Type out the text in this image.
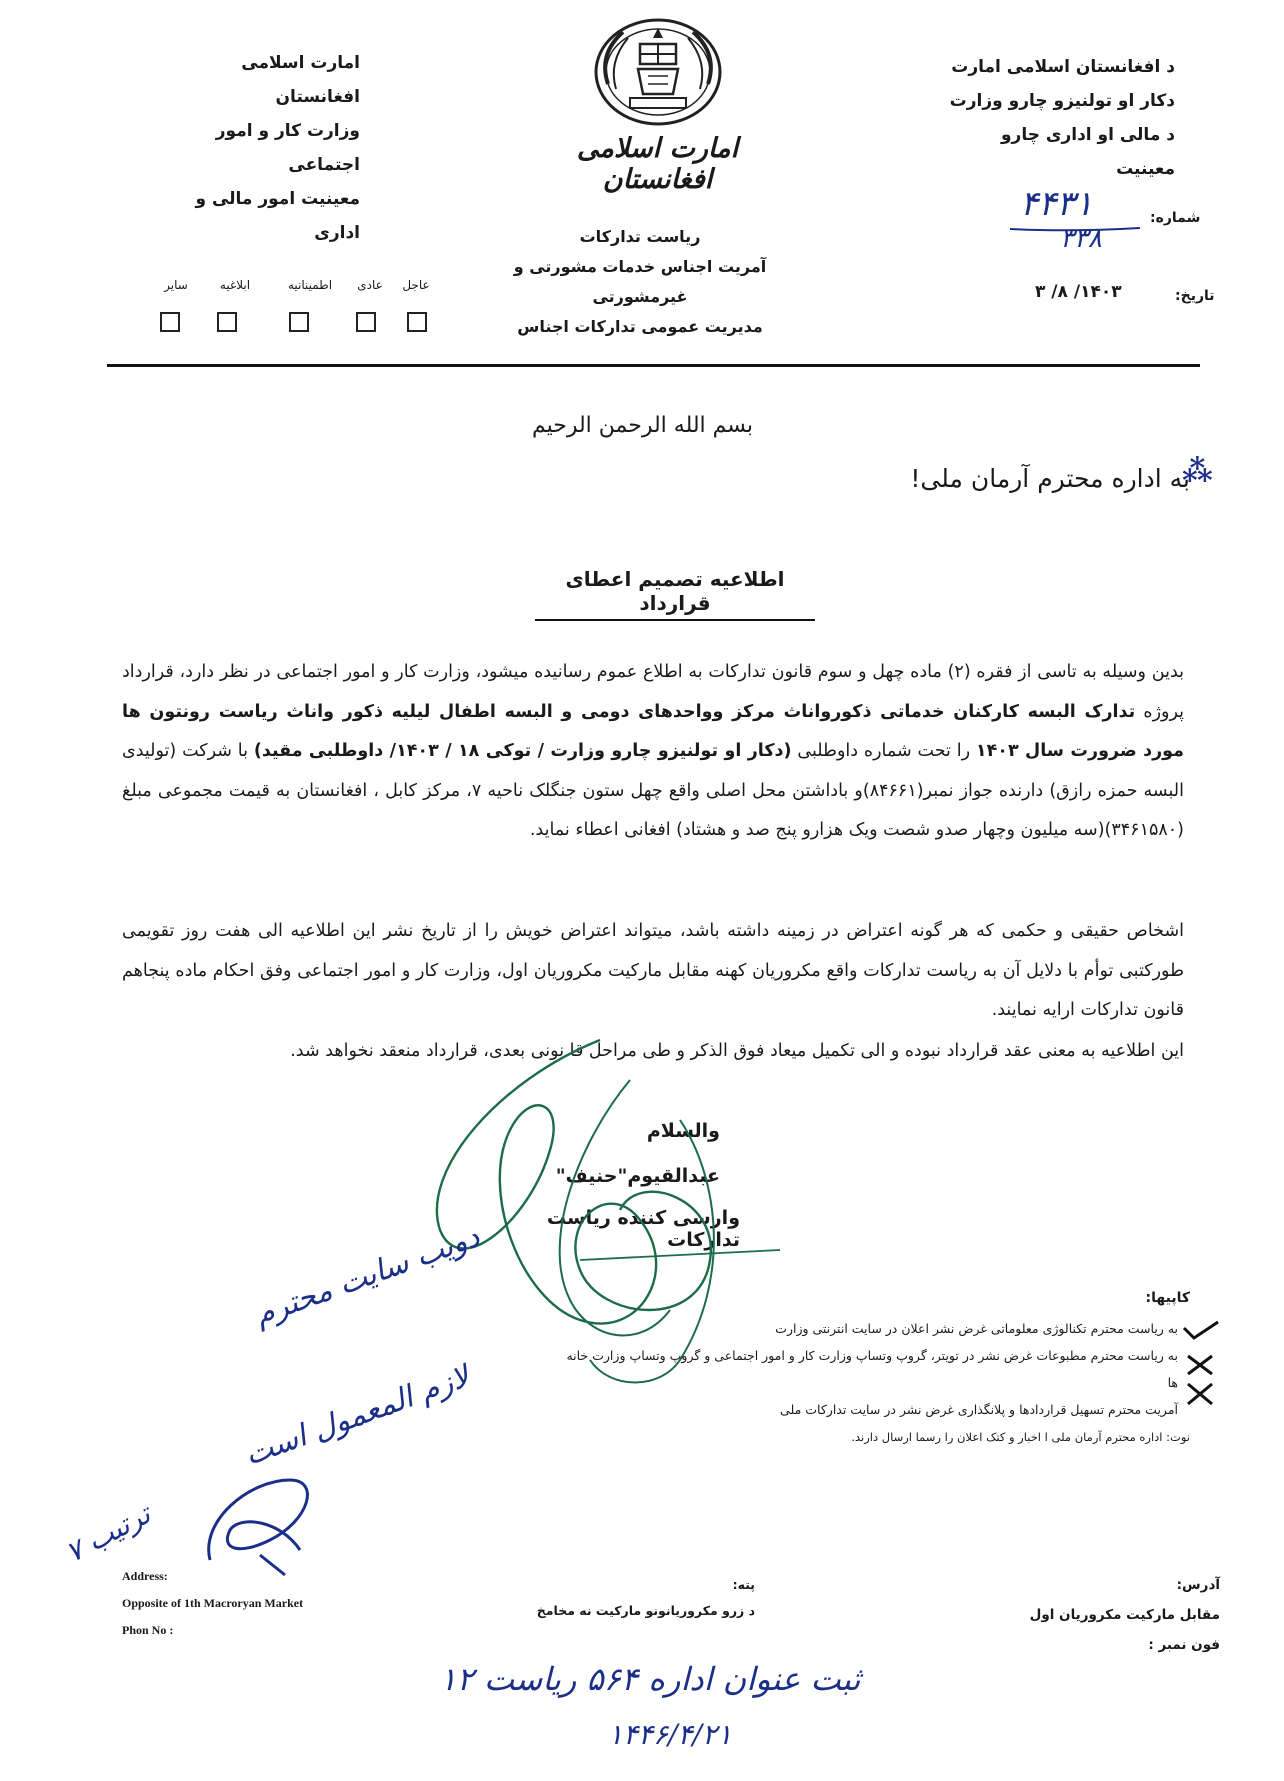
امارت اسلامی افغانستان
وزارت کار و امور اجتماعی
معینیت امور مالی و اداری
د افغانستان اسلامی امارت
دکار او تولنیزو چارو وزارت
د مالی او اداری چارو معینیت
امارت اسلامی افغانستان
ریاست تدارکات
آمریت اجناس خدمات مشورتی و غیرمشورتی
مدیریت عمومی تدارکات اجناس
عاجل
عادی
اطمینانیه
ابلاغیه
سایر
شماره:
۴۴۳۱
۳۳۸
تاریخ:
۱۴۰۳/ ۸/ ۳
بسم الله الرحمن الرحیم
به اداره محترم آرمان ملی!
⁂
اطلاعیه تصمیم اعطای قرارداد
بدین وسیله به تاسی از فقره (۲) ماده چهل و سوم قانون تدارکات به اطلاع عموم رسانیده میشود، وزارت کار و امور اجتماعی در نظر دارد، قرارداد پروژه تدارک البسه کارکنان خدماتی ذکورواناث مرکز وواحدهای دومی و البسه اطفال لیلیه ذکور واناث ریاست رونتون ها مورد ضرورت سال ۱۴۰۳ را تحت شماره داوطلبی (دکار او تولنیزو چارو وزارت / توکی ۱۸ / ۱۴۰۳/ داوطلبی مقید) با شرکت (تولیدی البسه حمزه رازق) دارنده جواز نمبر(۸۴۶۶۱)و باداشتن محل اصلی واقع چهل ستون جنگلک ناحیه ۷، مرکز کابل ، افغانستان به قیمت مجموعی مبلغ (۳۴۶۱۵۸۰)(سه میلیون وچهار صدو شصت ویک هزارو پنج صد و هشتاد) افغانی اعطاء نماید.
اشخاص حقیقی و حکمی که هر گونه اعتراض در زمینه داشته باشد، میتواند اعتراض خویش را از تاریخ نشر این اطلاعیه الی هفت روز تقویمی طورکتبی توأم با دلایل آن به ریاست تدارکات واقع مکروریان کهنه مقابل مارکیت مکروریان اول، وزارت کار و امور اجتماعی وفق احکام ماده پنجاهم قانون تدارکات ارایه نمایند.
این اطلاعیه به معنی عقد قرارداد نبوده و الی تکمیل میعاد فوق الذکر و طی مراحل قا نونی بعدی، قرارداد منعقد نخواهد شد.
والسلام
عبدالقیوم"حنیف"
وارسی کننده ریاست تدارکات
کاپیها:
به ریاست محترم تکنالوژی معلوماتی غرض نشر اعلان در سایت انترنتی وزارت
به ریاست محترم مطبوعات غرض نشر در تویتر، گروپ وتساپ وزارت کار و امور اجتماعی و گروپ وتساپ وزارت خانه ها
آمریت محترم تسهیل قراردادها و پلانگذاری غرض نشر در سایت تدارکات ملی
نوت: اداره محترم آرمان ملی ا اخبار و کتک اعلان را رسما ارسال دارند.
دویب سایت محترم
لازم المعمول است
ترتیب ۷
Address:
Opposite of 1th Macroryan Market
Phon No :
پته:
د زرو مکروریانونو مارکیت نه مخامخ
آدرس:
مقابل مارکیت مکروریان اول
فون نمبر :
ثبت عنوان اداره ۵۶۴ ریاست ۱۲
۱۴۴۶/۴/۲۱
